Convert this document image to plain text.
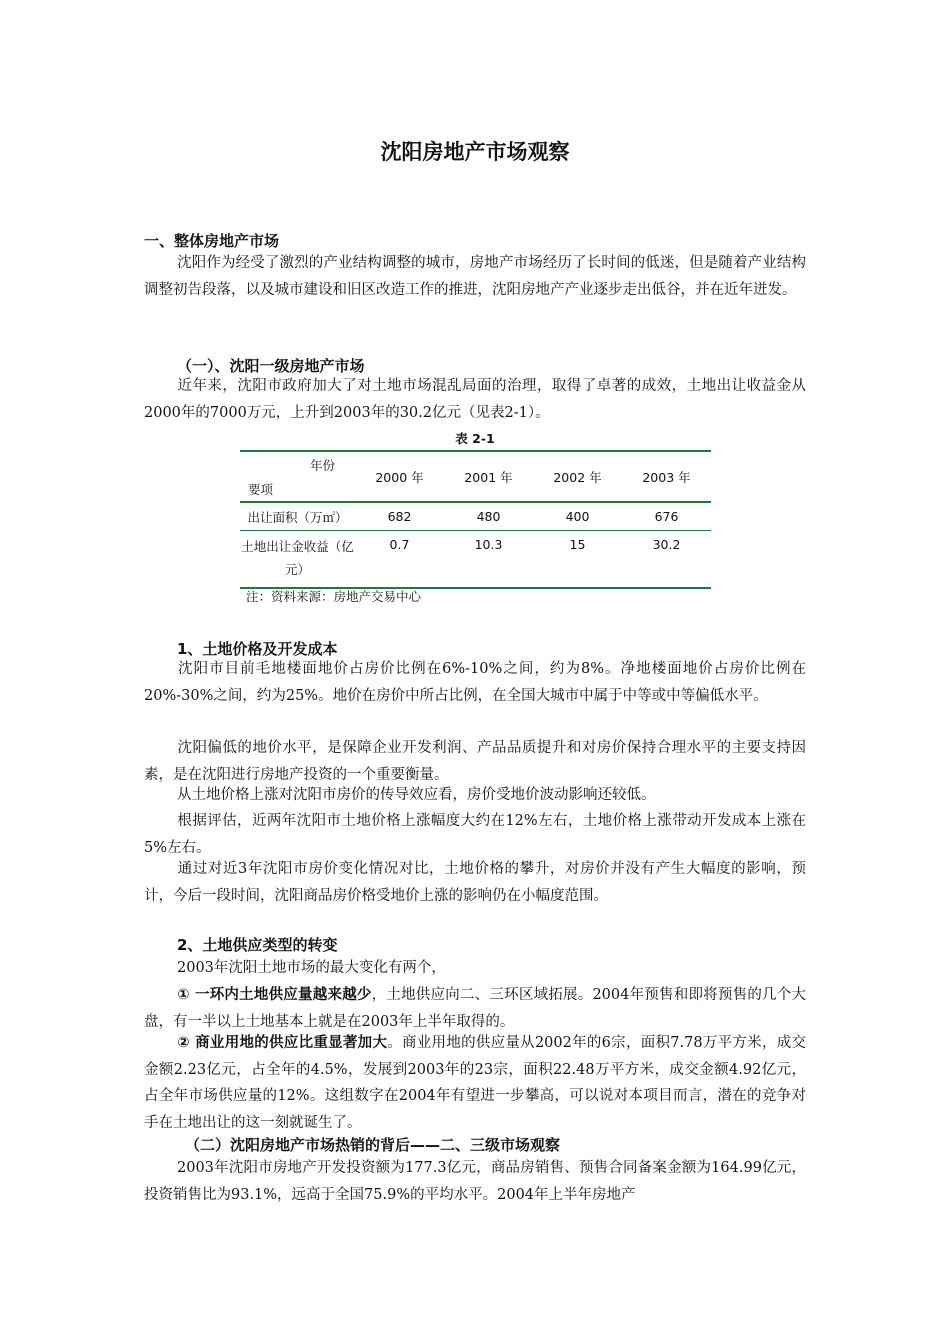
沈阳房地产市场观察
一、整体房地产市场
沈阳作为经受了激烈的产业结构调整的城市，房地产市场经历了长时间的低迷，但是随着产业结构调整初告段落，以及城市建设和旧区改造工作的推进，沈阳房地产产业逐步走出低谷，并在近年迸发。
（一）、沈阳一级房地产市场
近年来，沈阳市政府加大了对土地市场混乱局面的治理，取得了卓著的成效，土地出让收益金从2000年的7000万元，上升到2003年的30.2亿元（见表2-1）。
表 2-1
年份
要项	2000 年	2001 年	2002 年	2003 年
出让面积（万㎡）	682	480	400	676

土地出让金收益（亿
元）	0.7	10.3	15	30.2
注：资料来源：房地产交易中心
1、土地价格及开发成本
沈阳市目前毛地楼面地价占房价比例在6%-10%之间，约为8%。净地楼面地价占房价比例在20%-30%之间，约为25%。地价在房价中所占比例，在全国大城市中属于中等或中等偏低水平。
沈阳偏低的地价水平，是保障企业开发利润、产品品质提升和对房价保持合理水平的主要支持因素，是在沈阳进行房地产投资的一个重要衡量。
从土地价格上涨对沈阳市房价的传导效应看，房价受地价波动影响还较低。
根据评估，近两年沈阳市土地价格上涨幅度大约在12%左右，土地价格上涨带动开发成本上涨在5%左右。
通过对近3年沈阳市房价变化情况对比，土地价格的攀升，对房价并没有产生大幅度的影响，预计，今后一段时间，沈阳商品房价格受地价上涨的影响仍在小幅度范围。
2、土地供应类型的转变
2003年沈阳土地市场的最大变化有两个，
① 一环内土地供应量越来越少，土地供应向二、三环区域拓展。2004年预售和即将预售的几个大盘，有一半以上土地基本上就是在2003年上半年取得的。
② 商业用地的供应比重显著加大。商业用地的供应量从2002年的6宗，面积7.78万平方米，成交金额2.23亿元，占全年的4.5%，发展到2003年的23宗，面积22.48万平方米，成交金额4.92亿元，占全年市场供应量的12%。这组数字在2004年有望进一步攀高，可以说对本项目而言，潜在的竞争对手在土地出让的这一刻就诞生了。
（二）沈阳房地产市场热销的背后——二、三级市场观察
2003年沈阳市房地产开发投资额为177.3亿元，商品房销售、预售合同备案金额为164.99亿元，投资销售比为93.1%，远高于全国75.9%的平均水平。2004年上半年房地产
